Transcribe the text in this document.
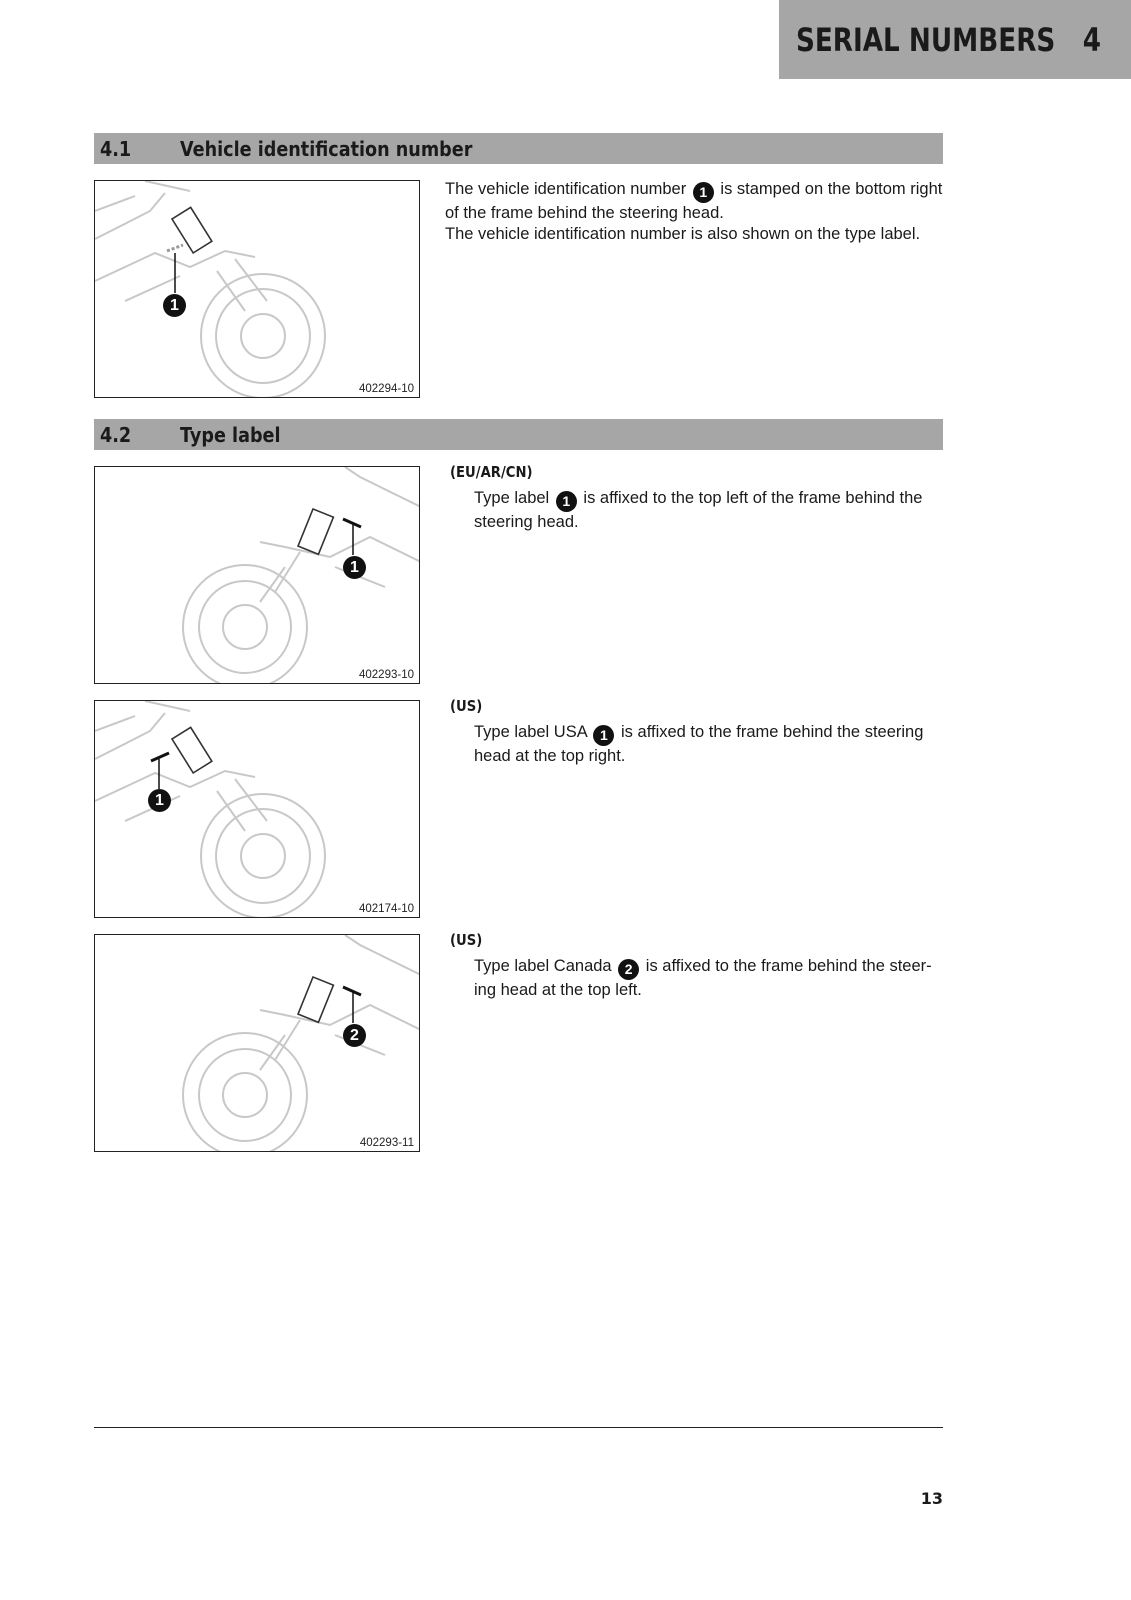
SERIAL NUMBERS 4
4.1 Vehicle identification number
1
402294-10

The vehicle identification number 1 is stamped on the bottom right of the frame behind the steering head.

The vehicle identification number is also shown on the type label.

4.2 Type label
1
402293-10
(EU/AR/CN)

Type label 1 is affixed to the top left of the frame behind the steering head.

1
402174-10
(US)

Type label USA 1 is affixed to the frame behind the steering head at the top right.

2
402293-11
(US)

Type label Canada 2 is affixed to the frame behind the steer-ing head at the top left.

13
